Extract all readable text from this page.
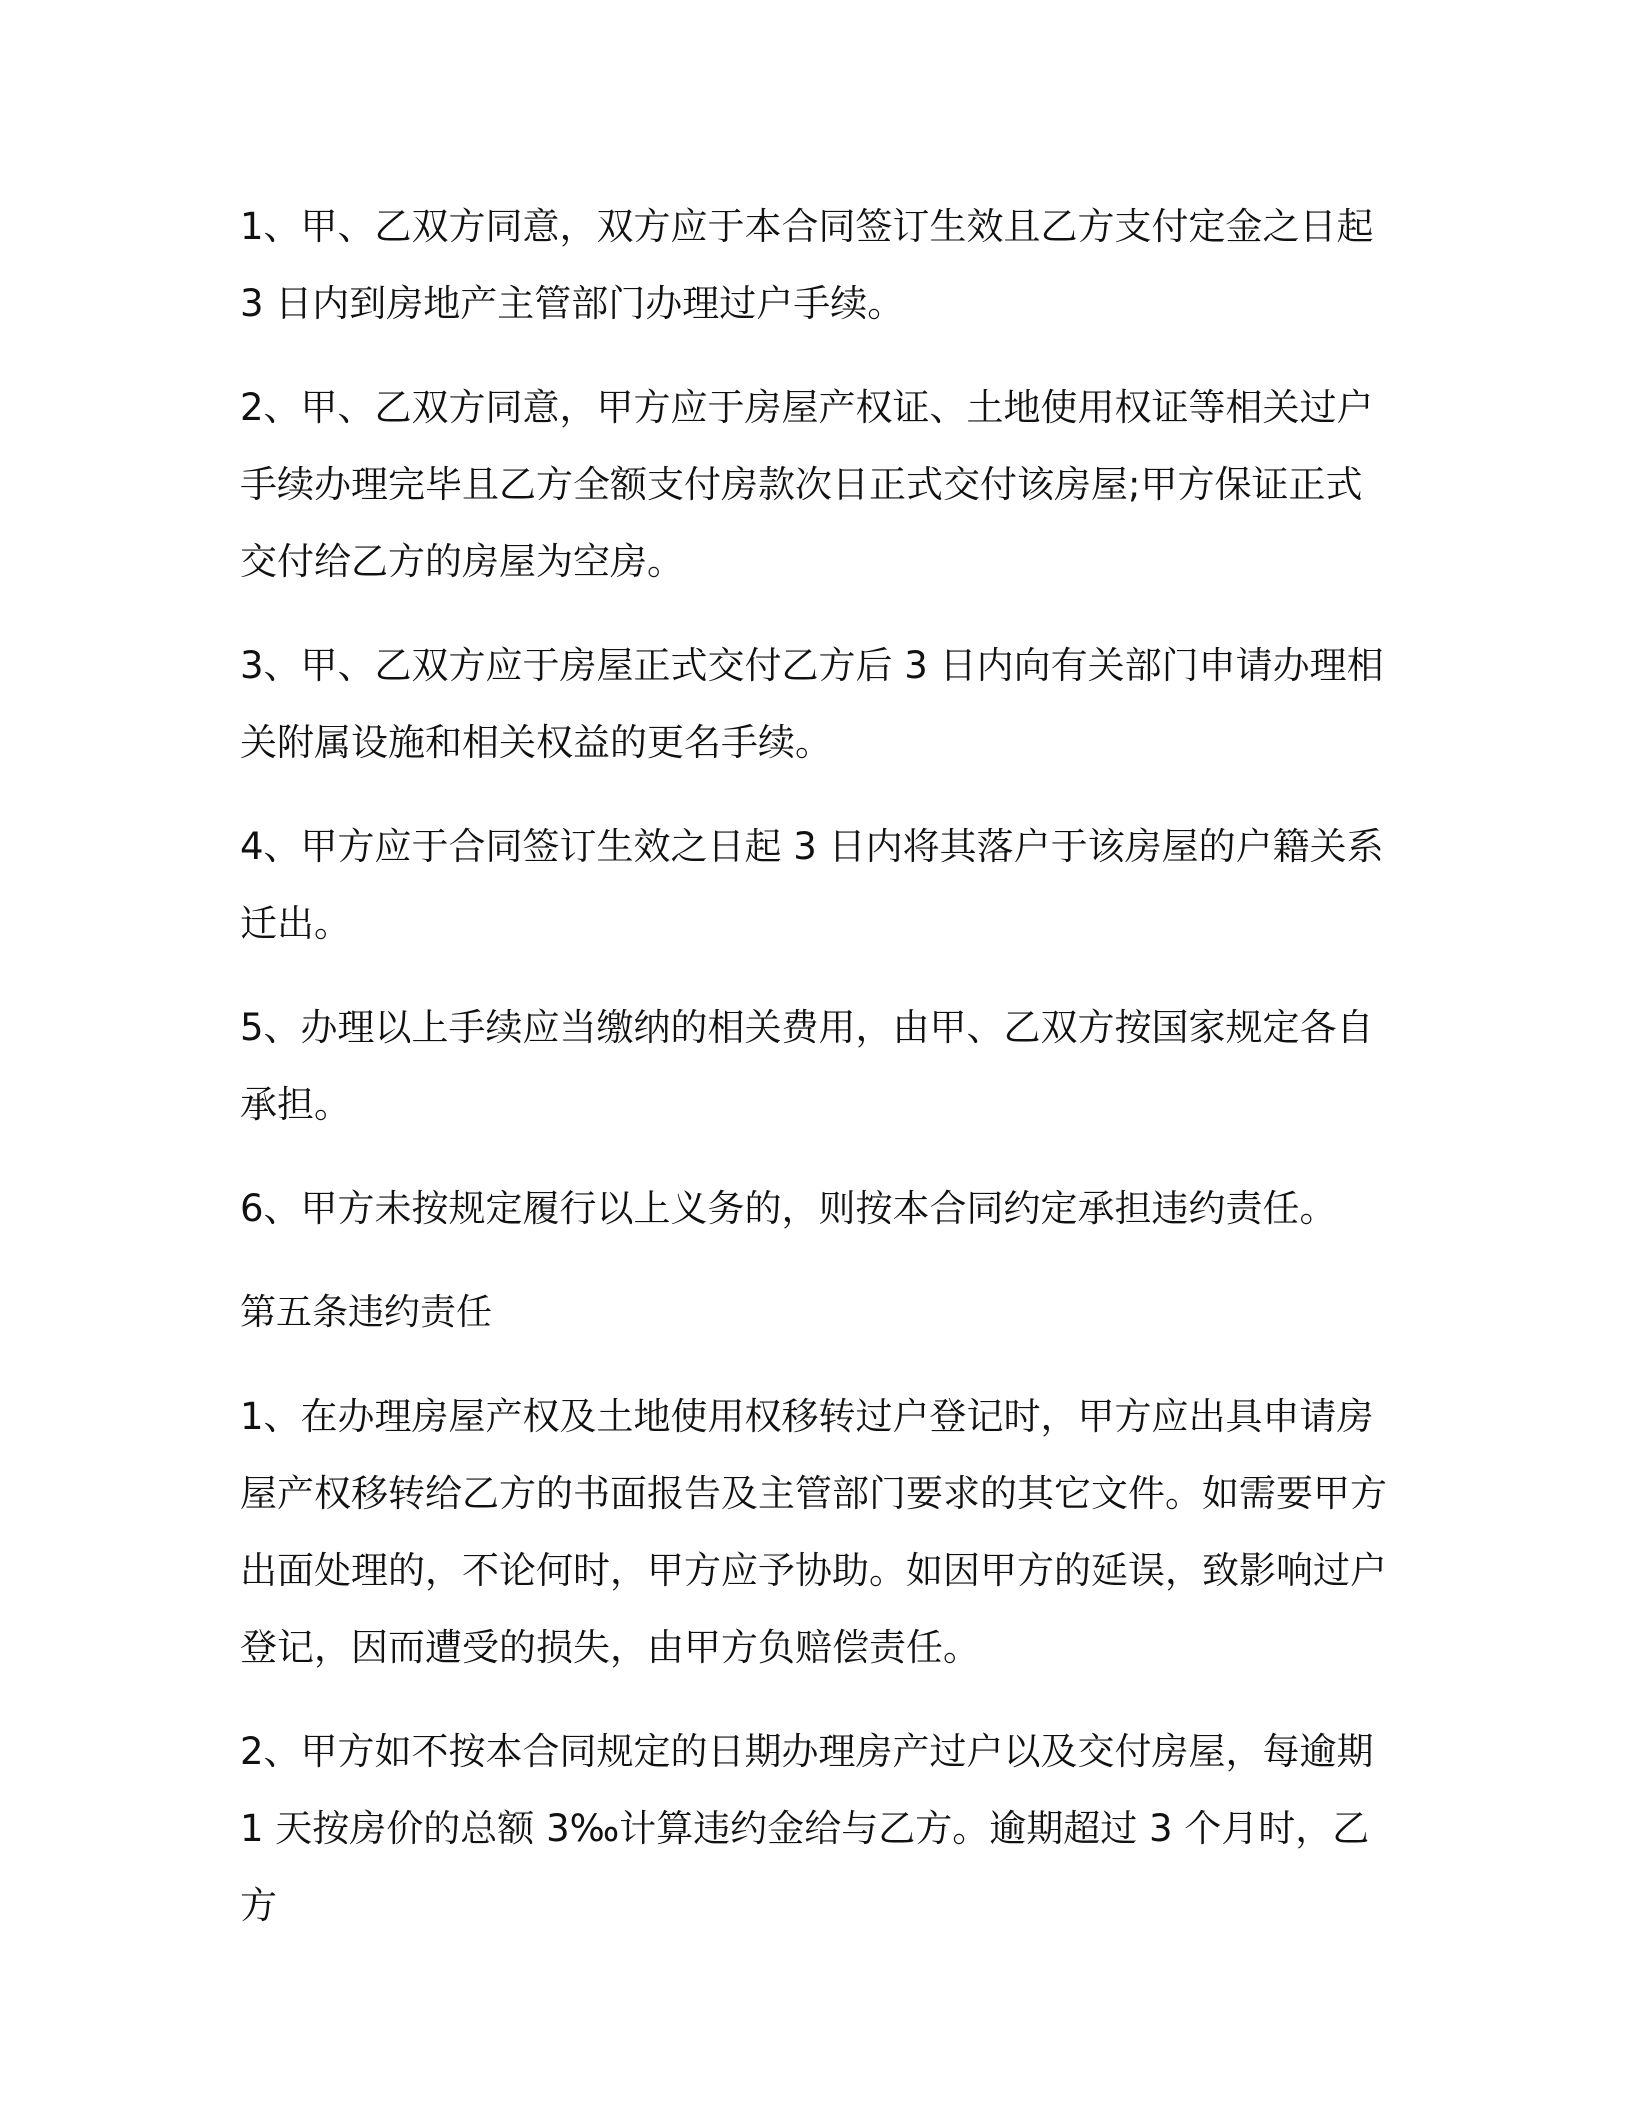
1、甲、乙双方同意，双方应于本合同签订生效且乙方支付定金之日起3 日内到房地产主管部门办理过户手续。

2、甲、乙双方同意，甲方应于房屋产权证、土地使用权证等相关过户手续办理完毕且乙方全额支付房款次日正式交付该房屋;甲方保证正式交付给乙方的房屋为空房。

3、甲、乙双方应于房屋正式交付乙方后 3 日内向有关部门申请办理相关附属设施和相关权益的更名手续。

4、甲方应于合同签订生效之日起 3 日内将其落户于该房屋的户籍关系迁出。

5、办理以上手续应当缴纳的相关费用，由甲、乙双方按国家规定各自承担。

6、甲方未按规定履行以上义务的，则按本合同约定承担违约责任。

第五条违约责任

1、在办理房屋产权及土地使用权移转过户登记时，甲方应出具申请房屋产权移转给乙方的书面报告及主管部门要求的其它文件。如需要甲方出面处理的，不论何时，甲方应予协助。如因甲方的延误，致影响过户登记，因而遭受的损失，由甲方负赔偿责任。

2、甲方如不按本合同规定的日期办理房产过户以及交付房屋，每逾期1 天按房价的总额 3‰计算违约金给与乙方。逾期超过 3 个月时，乙方
